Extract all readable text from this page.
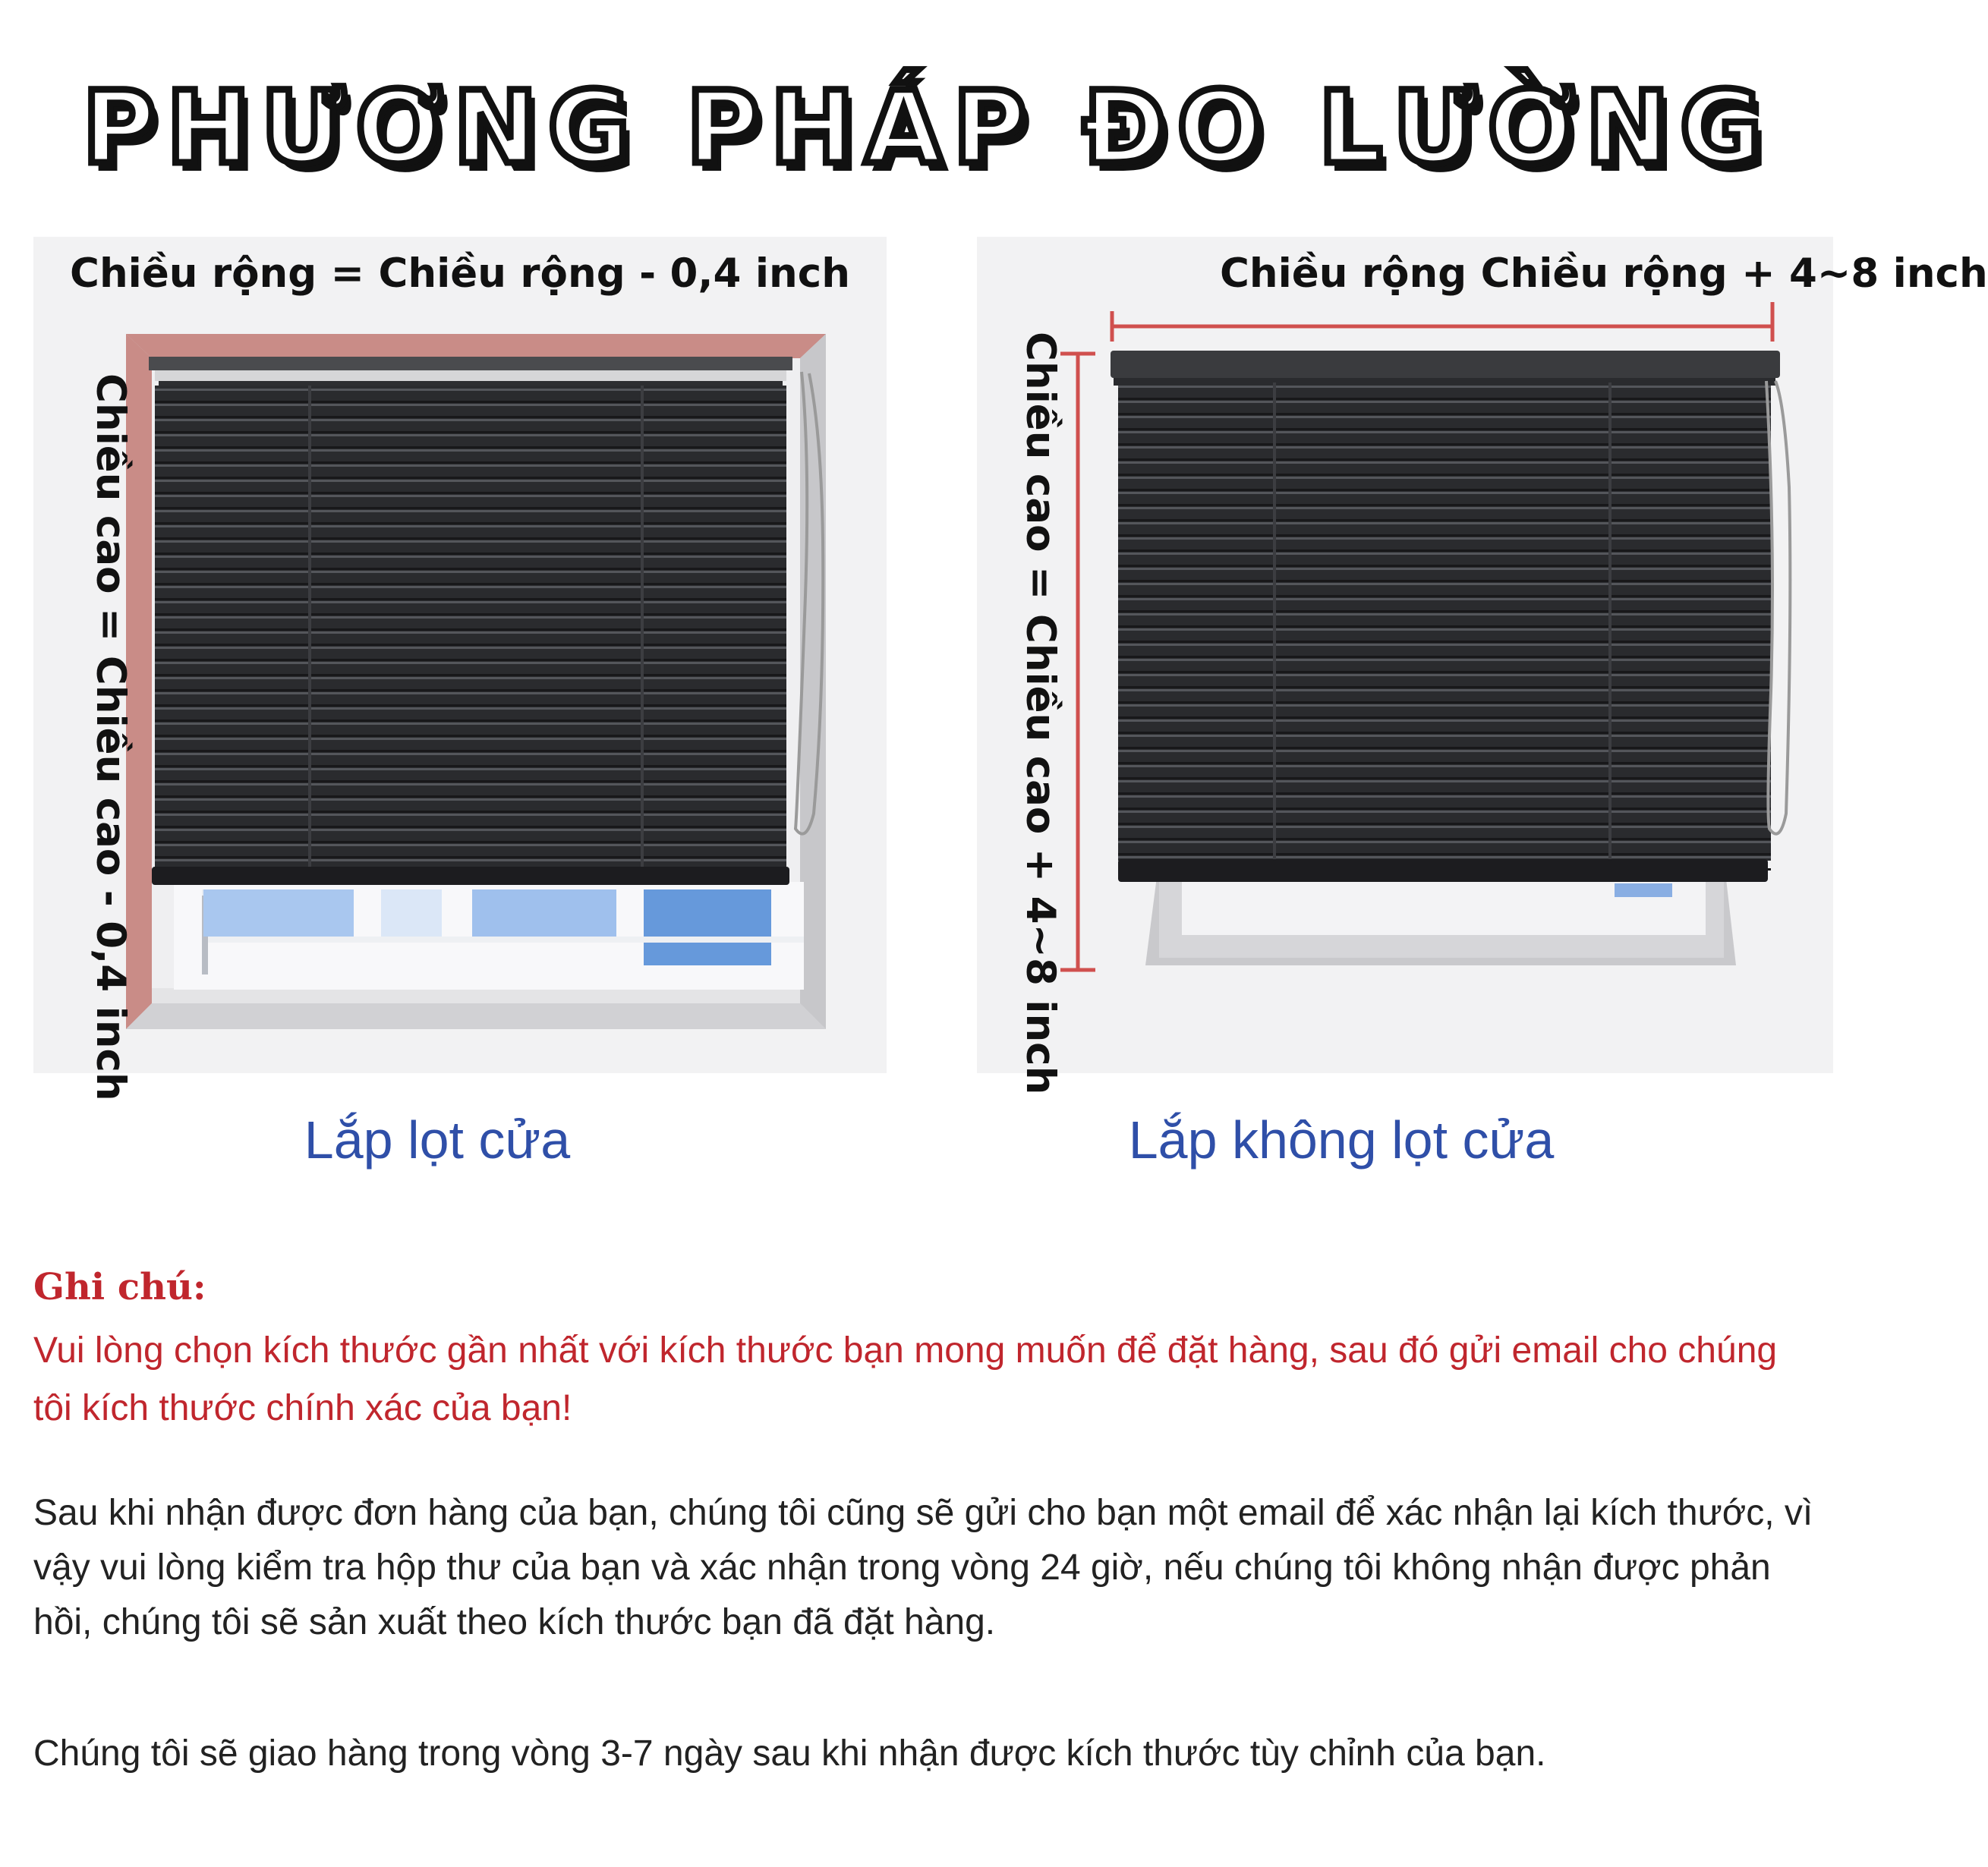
PHƯƠNG PHÁP ĐO LƯỜNG
Chiều rộng = Chiều rộng - 0,4 inch
Chiều cao = Chiều cao - 0,4 inch
Chiều rộng Chiều rộng + 4~8 inch
Chiều cao = Chiều cao + 4~8 inch
Lắp lọt cửa	Lắp không lọt cửa
Ghi chú:
Vui lòng chọn kích thước gần nhất với kích thước bạn mong muốn để đặt hàng, sau đó gửi email cho chúng tôi kích thước chính xác của bạn!
Sau khi nhận được đơn hàng của bạn, chúng tôi cũng sẽ gửi cho bạn một email để xác nhận lại kích thước, vì vậy vui lòng kiểm tra hộp thư của bạn và xác nhận trong vòng 24 giờ, nếu chúng tôi không nhận được phản hồi, chúng tôi sẽ sản xuất theo kích thước bạn đã đặt hàng.
Chúng tôi sẽ giao hàng trong vòng 3-7 ngày sau khi nhận được kích thước tùy chỉnh của bạn.
